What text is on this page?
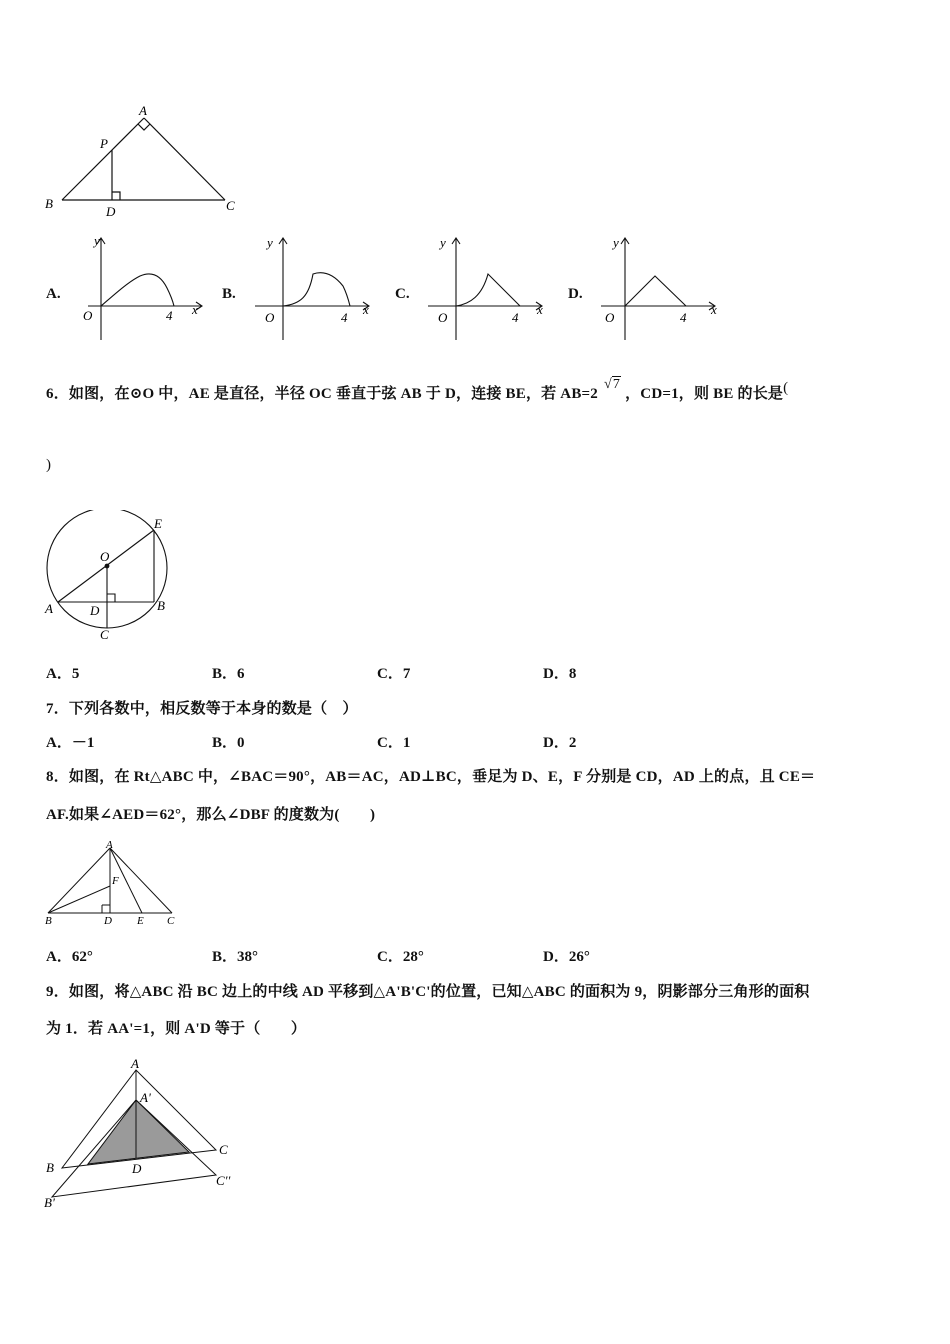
A
B	C
P
D
A.
y
x
O	4
B.
y
x
O	4
C.
y
x
O	4
D.
y
x
O	4
6．如图，在⊙O 中，AE 是直径，半径 OC 垂直于弦 AB 于 D，连接 BE，若 AB=2√7，CD=1，则 BE 的长是(
)
E
O
A	D	B
C
A．5	B．6	C．7	D．8
7．下列各数中，相反数等于本身的数是（　）
A．－1	B．0	C．1	D．2
8．如图，在 Rt△ABC 中，∠BAC＝90°，AB＝AC，AD⊥BC，垂足为 D、E，F 分别是 CD，AD 上的点，且 CE＝
AF.如果∠AED＝62°，那么∠DBF 的度数为(　　)
A
F
B	D E C
A．62°	B．38°	C．28°	D．26°
9．如图，将△ABC 沿 BC 边上的中线 AD 平移到△A'B'C'的位置，已知△ABC 的面积为 9，阴影部分三角形的面积
为 1．若 AA'=1，则 A'D 等于（　　）
A
A'
B
C
D
B'
C''
